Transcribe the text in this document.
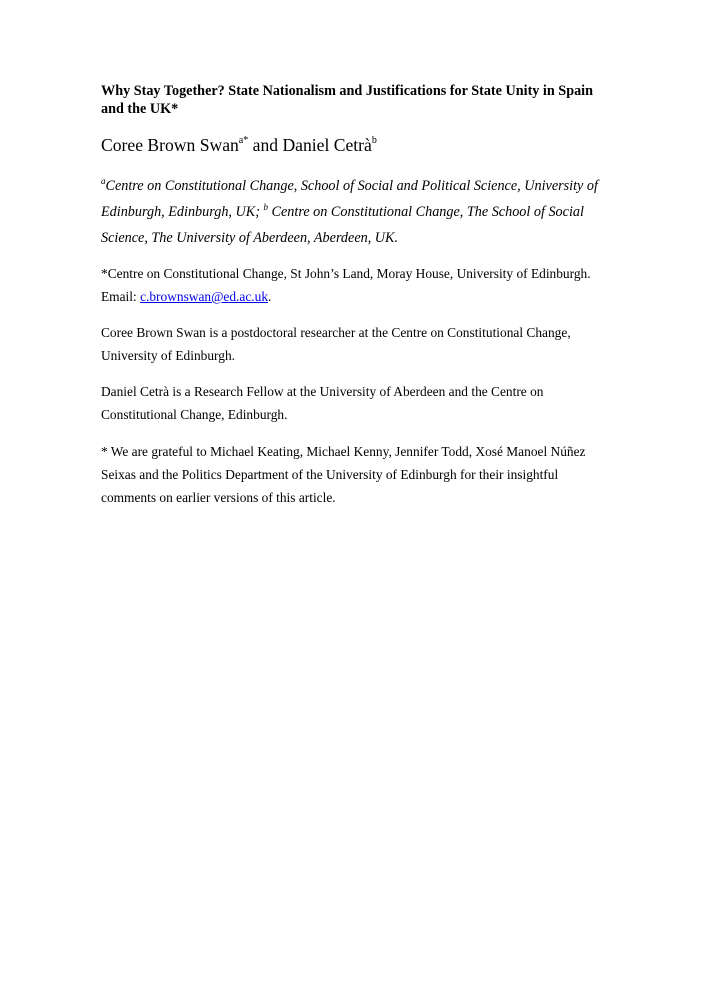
Why Stay Together? State Nationalism and Justifications for State Unity in Spain and the UK*

Coree Brown Swan$^{a*}$ and Daniel Cetrà$^b$

$^a$Centre on Constitutional Change, School of Social and Political Science, University of Edinburgh, Edinburgh, UK; $^b$ Centre on Constitutional Change, The School of Social Science, The University of Aberdeen, Aberdeen, UK.

*Centre on Constitutional Change, St John’s Land, Moray House, University of Edinburgh.
Email: c.brownswan@ed.ac.uk.

Coree Brown Swan is a postdoctoral researcher at the Centre on Constitutional Change, University of Edinburgh.

Daniel Cetrà is a Research Fellow at the University of Aberdeen and the Centre on Constitutional Change, Edinburgh.

* We are grateful to Michael Keating, Michael Kenny, Jennifer Todd, Xosé Manoel Núñez Seixas and the Politics Department of the University of Edinburgh for their insightful comments on earlier versions of this article.
